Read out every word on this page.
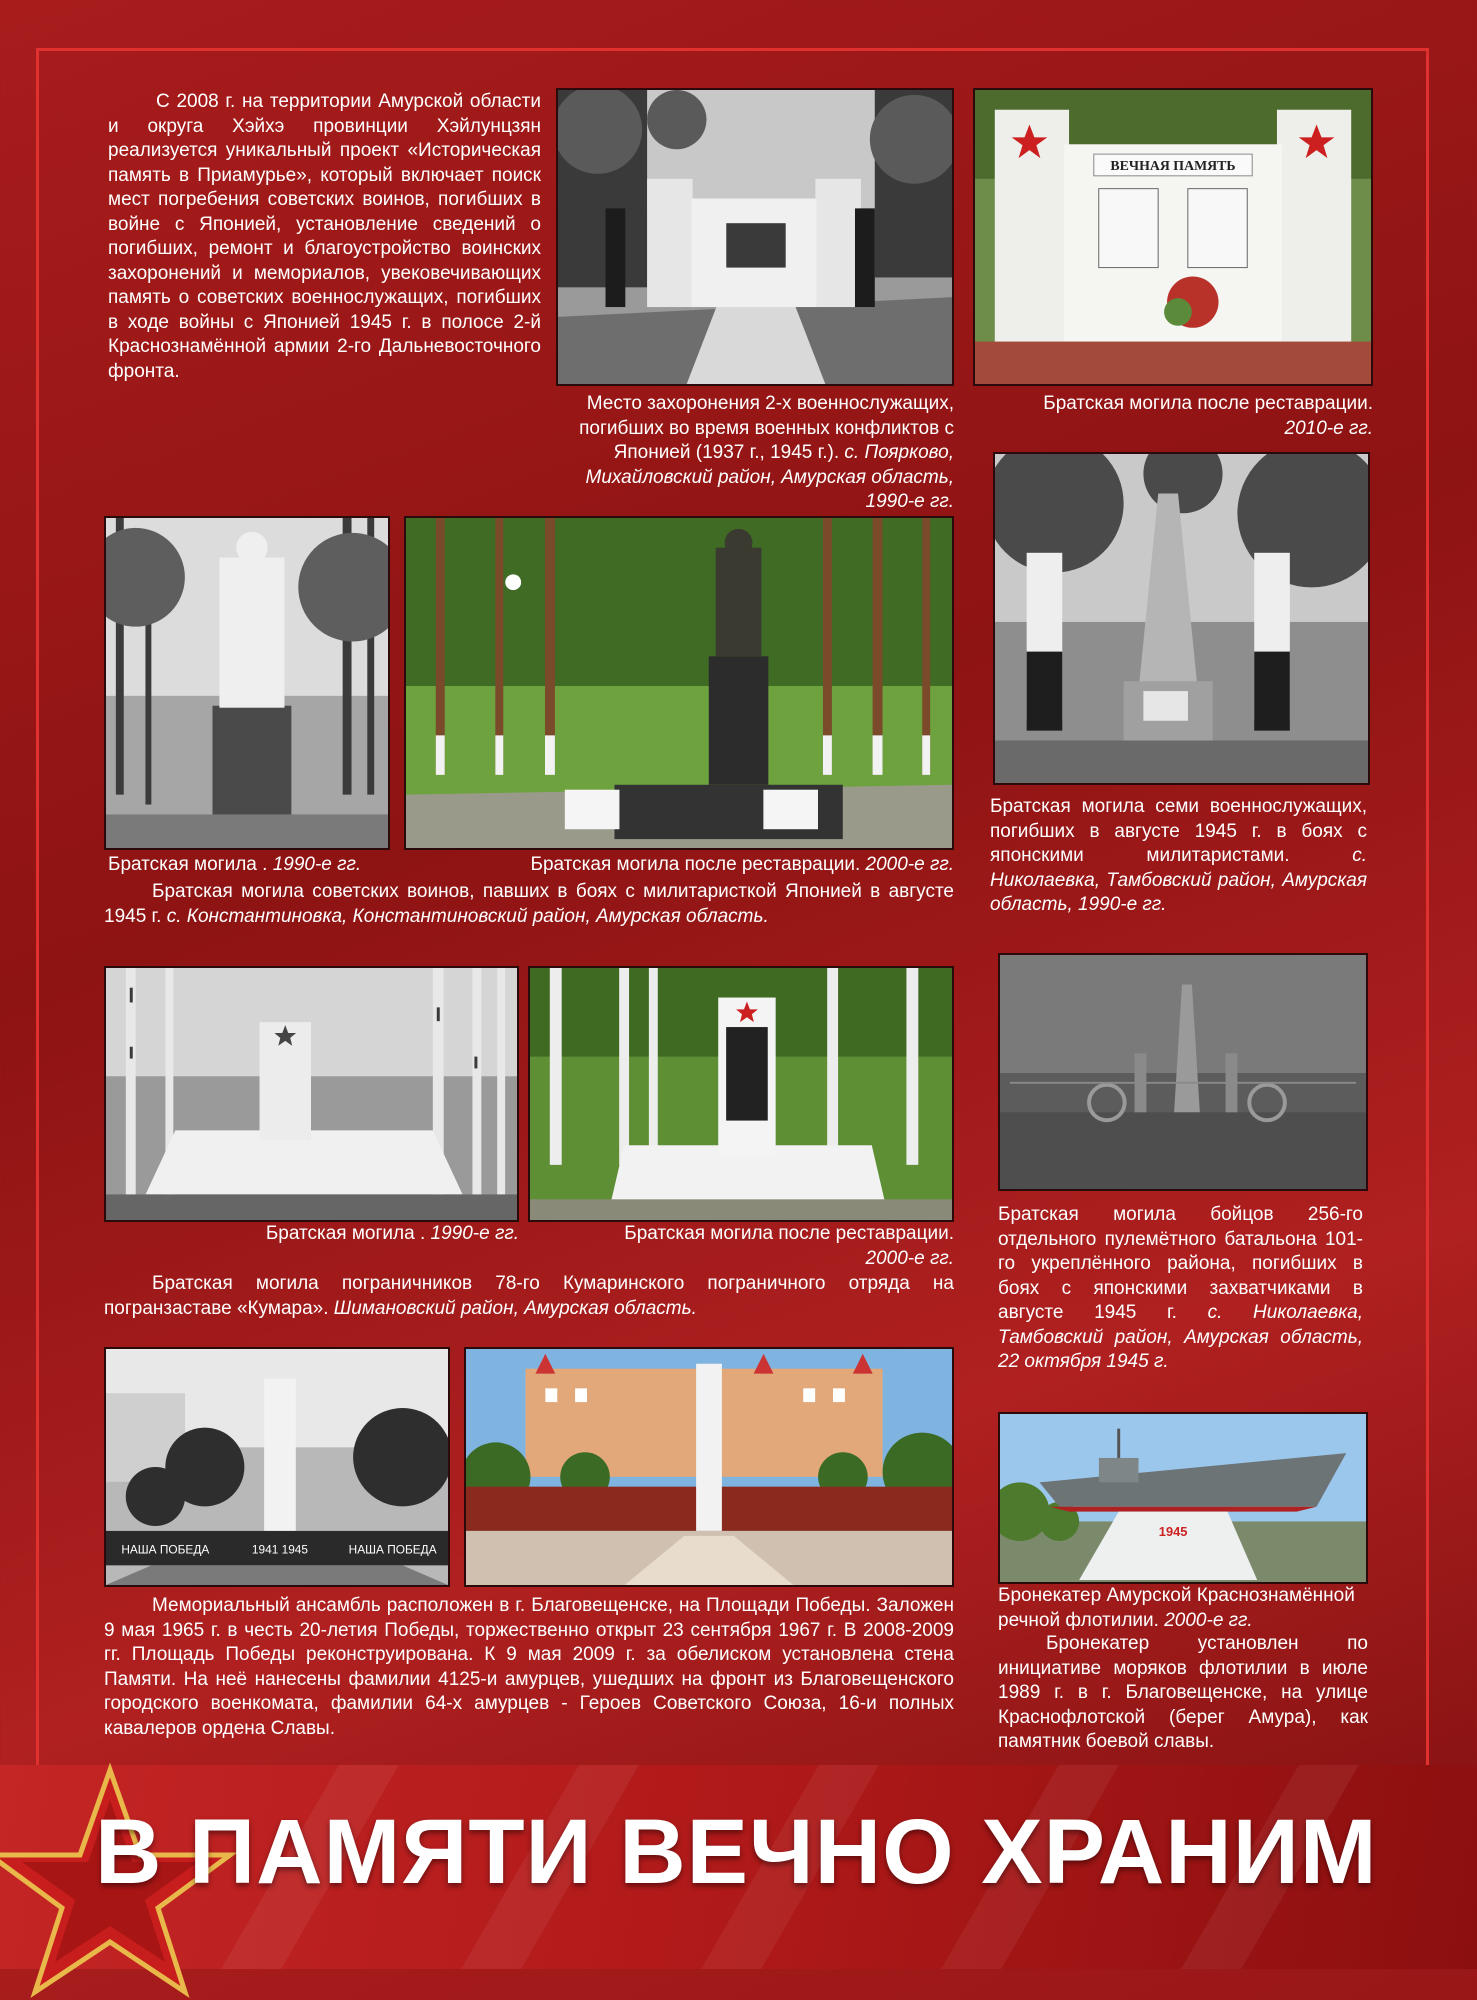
С 2008 г. на территории Амурской области и округа Хэйхэ провинции Хэйлунцзян реализуется уникальный проект «Историческая память в Приамурье», который включает поиск мест погребения советских воинов, погибших в войне с Японией, установление сведений о погибших, ремонт и благоустройство воинских захоронений и мемориалов, увековечивающих память о советских военнослужащих, погибших в ходе войны с Японией 1945 г. в полосе 2-й Краснознамённой армии 2-го Дальневосточного фронта.
ВЕЧНАЯ ПАМЯТЬ
Братская могила после реставрации.
2010-е гг.
Место захоронения 2-х военнослужащих, погибших во время военных конфликтов с Японией (1937 г., 1945 г.). с. Поярково, Михайловский район, Амурская область, 1990-е гг.
Братская могила . 1990-е гг.	Братская могила после реставрации. 2000-е гг.
Братская могила советских воинов, павших в боях с милитаристкой Японией в августе 1945 г. с. Константиновка, Константиновский район, Амурская область.
Братская могила семи военнослужащих, погибших в августе 1945 г. в боях с японскими милитаристами.	с. Николаевка, Тамбовский район, Амурская область, 1990-е гг.
Братская могила . 1990-е гг.	Братская могила после реставрации.
2000-е гг.
Братская могила пограничников 78-го Кумаринского пограничного отряда на погранзаставе «Кумара». Шимановский район, Амурская область.
Братская могила бойцов 256-го отдельного пулемётного батальона 101-го укреплённого района, погибших в боях с японскими захватчиками в августе 1945 г. с. Николаевка, Тамбовский район, Амурская область, 22 октября 1945 г.
НАША ПОБЕДА	1941 1945	НАША ПОБЕДА
Мемориальный ансамбль расположен в г. Благовещенске, на Площади Победы. Заложен 9 мая 1965 г. в честь 20-летия Победы, торжественно открыт 23 сентября 1967 г. В 2008-2009 гг. Площадь Победы реконструирована. К 9 мая 2009 г. за обелиском установлена стена Памяти. На неё нанесены фамилии 4125-и амурцев, ушедших на фронт из Благовещенского городского военкомата, фамилии 64-х амурцев - Героев Советского Союза, 16-и полных кавалеров ордена Славы.
1945
Бронекатер Амурской Краснознамённой речной флотилии. 2000-е гг.
Бронекатер установлен по инициативе моряков флотилии в июле 1989 г. в г. Благовещенске, на улице Краснофлотской (берег Амура), как памятник боевой славы.
В ПАМЯТИ ВЕЧНО ХРАНИМ
